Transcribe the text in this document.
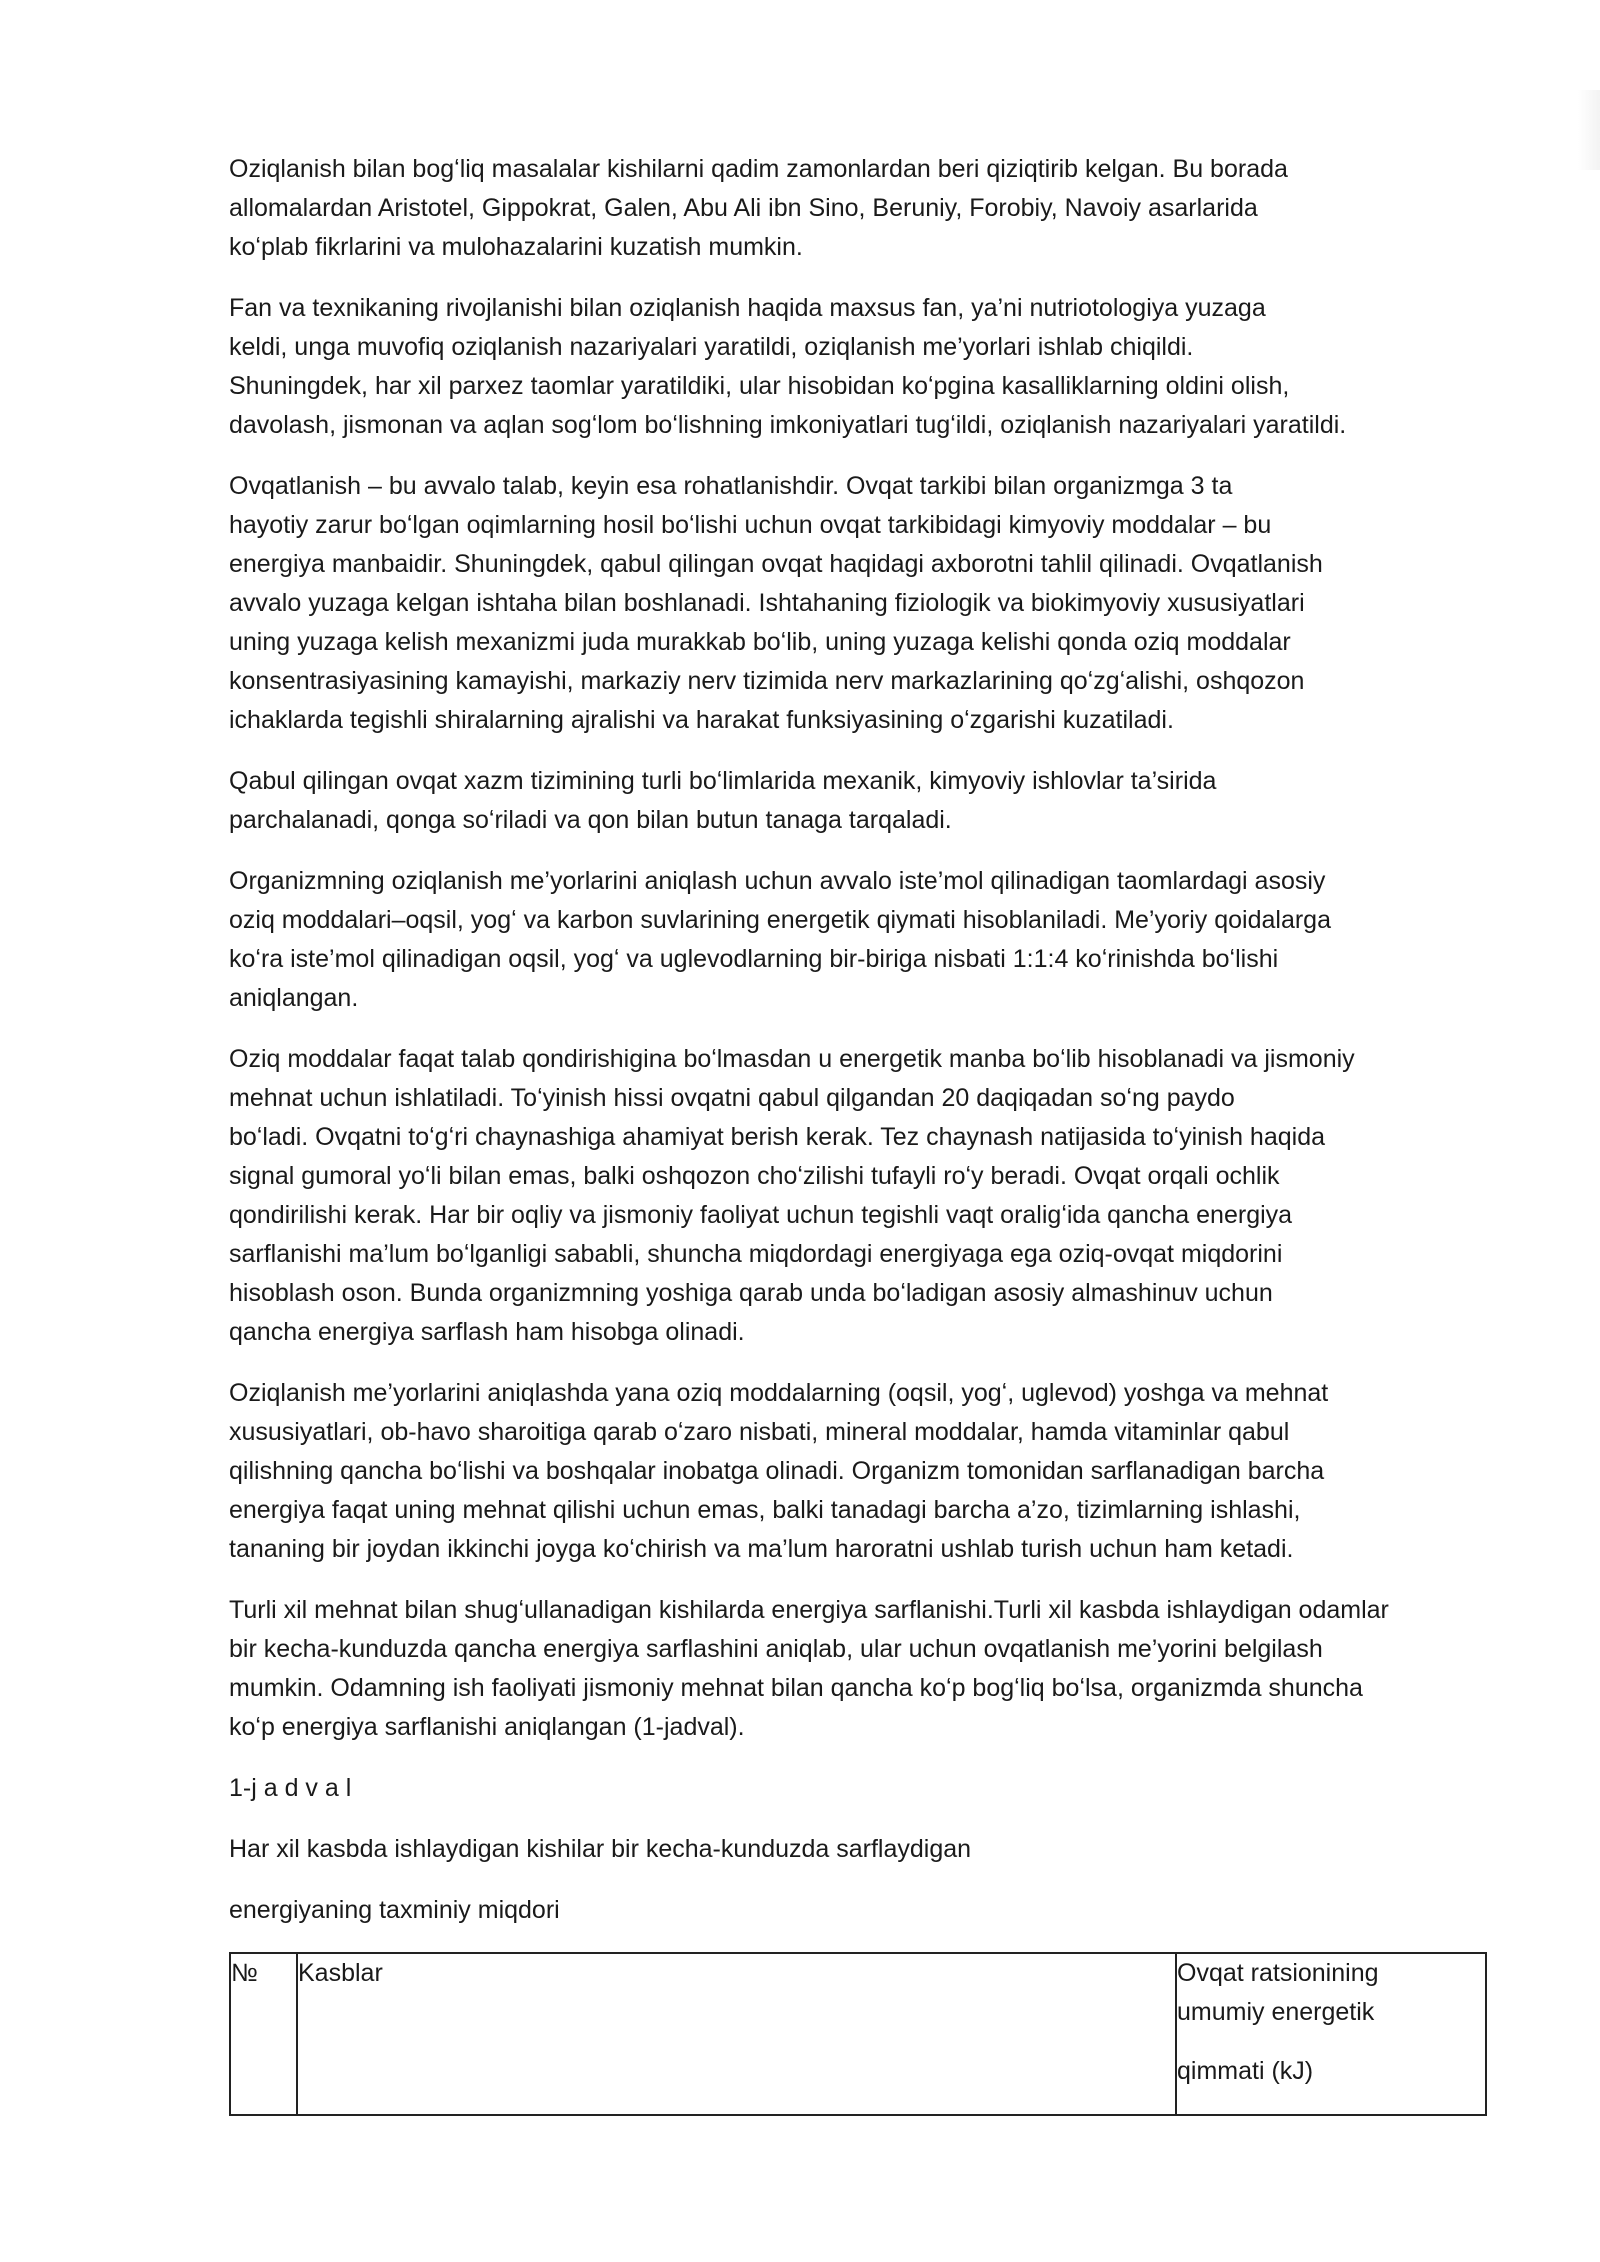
Oziqlanish bilan bogʻliq masalalar kishilarni qadim zamonlardan beri qiziqtirib kelgan. Bu borada
allomalardan Aristotel, Gippokrat, Galen, Abu Ali ibn Sino, Beruniy, Forobiy, Navoiy asarlarida
koʻplab fikrlarini va mulohazalarini kuzatish mumkin.

Fan va texnikaning rivojlanishi bilan oziqlanish haqida maxsus fan, ya’ni nutriotologiya yuzaga
keldi, unga muvofiq oziqlanish nazariyalari yaratildi, oziqlanish me’yorlari ishlab chiqildi.
Shuningdek, har xil parxez taomlar yaratildiki, ular hisobidan koʻpgina kasalliklarning oldini olish,
davolash, jismonan va aqlan sogʻlom boʻlishning imkoniyatlari tugʻildi, oziqlanish nazariyalari yaratildi.

Ovqatlanish – bu avvalo talab, keyin esa rohatlanishdir. Ovqat tarkibi bilan organizmga 3 ta
hayotiy zarur boʻlgan oqimlarning hosil boʻlishi uchun ovqat tarkibidagi kimyoviy moddalar – bu
energiya manbaidir. Shuningdek, qabul qilingan ovqat haqidagi axborotni tahlil qilinadi. Ovqatlanish
avvalo yuzaga kelgan ishtaha bilan boshlanadi. Ishtahaning fiziologik va biokimyoviy xususiyatlari
uning yuzaga kelish mexanizmi juda murakkab boʻlib, uning yuzaga kelishi qonda oziq moddalar
konsentrasiyasining kamayishi, markaziy nerv tizimida nerv markazlarining qoʻzgʻalishi, oshqozon
ichaklarda tegishli shiralarning ajralishi va harakat funksiyasining oʻzgarishi kuzatiladi.

Qabul qilingan ovqat xazm tizimining turli boʻlimlarida mexanik, kimyoviy ishlovlar ta’sirida
parchalanadi, qonga soʻriladi va qon bilan butun tanaga tarqaladi.

Organizmning oziqlanish me’yorlarini aniqlash uchun avvalo iste’mol qilinadigan taomlardagi asosiy
oziq moddalari–oqsil, yogʻ va karbon suvlarining energetik qiymati hisoblaniladi. Me’yoriy qoidalarga
koʻra iste’mol qilinadigan oqsil, yogʻ va uglevodlarning bir-biriga nisbati 1:1:4 koʻrinishda boʻlishi
aniqlangan.

Oziq moddalar faqat talab qondirishigina boʻlmasdan u energetik manba boʻlib hisoblanadi va jismoniy
mehnat uchun ishlatiladi. Toʻyinish hissi ovqatni qabul qilgandan 20 daqiqadan soʻng paydo
boʻladi. Ovqatni toʻgʻri chaynashiga ahamiyat berish kerak. Tez chaynash natijasida toʻyinish haqida
signal gumoral yoʻli bilan emas, balki oshqozon choʻzilishi tufayli roʻy beradi. Ovqat orqali ochlik
qondirilishi kerak. Har bir oqliy va jismoniy faoliyat uchun tegishli vaqt oraligʻida qancha energiya
sarflanishi ma’lum boʻlganligi sababli, shuncha miqdordagi energiyaga ega oziq-ovqat miqdorini
hisoblash oson. Bunda organizmning yoshiga qarab unda boʻladigan asosiy almashinuv uchun
qancha energiya sarflash ham hisobga olinadi.

Oziqlanish me’yorlarini aniqlashda yana oziq moddalarning (oqsil, yogʻ, uglevod) yoshga va mehnat
xususiyatlari, ob-havo sharoitiga qarab oʻzaro nisbati, mineral moddalar, hamda vitaminlar qabul
qilishning qancha boʻlishi va boshqalar inobatga olinadi. Organizm tomonidan sarflanadigan barcha
energiya faqat uning mehnat qilishi uchun emas, balki tanadagi barcha a’zo, tizimlarning ishlashi,
tananing bir joydan ikkinchi joyga koʻchirish va ma’lum haroratni ushlab turish uchun ham ketadi.

Turli xil mehnat bilan shugʻullanadigan kishilarda energiya sarflanishi.Turli xil kasbda ishlaydigan odamlar
bir kecha-kunduzda qancha energiya sarflashini aniqlab, ular uchun ovqatlanish me’yorini belgilash
mumkin. Odamning ish faoliyati jismoniy mehnat bilan qancha koʻp bogʻliq boʻlsa, organizmda shuncha
koʻp energiya sarflanishi aniqlangan (1-jadval).

1-j a d v a l

Har xil kasbda ishlaydigan kishilar bir kecha-kunduzda sarflaydigan

energiyaning taxminiy miqdori

№	Kasblar	Ovqat ratsionining
umumiy energetik
qimmati (kJ)
